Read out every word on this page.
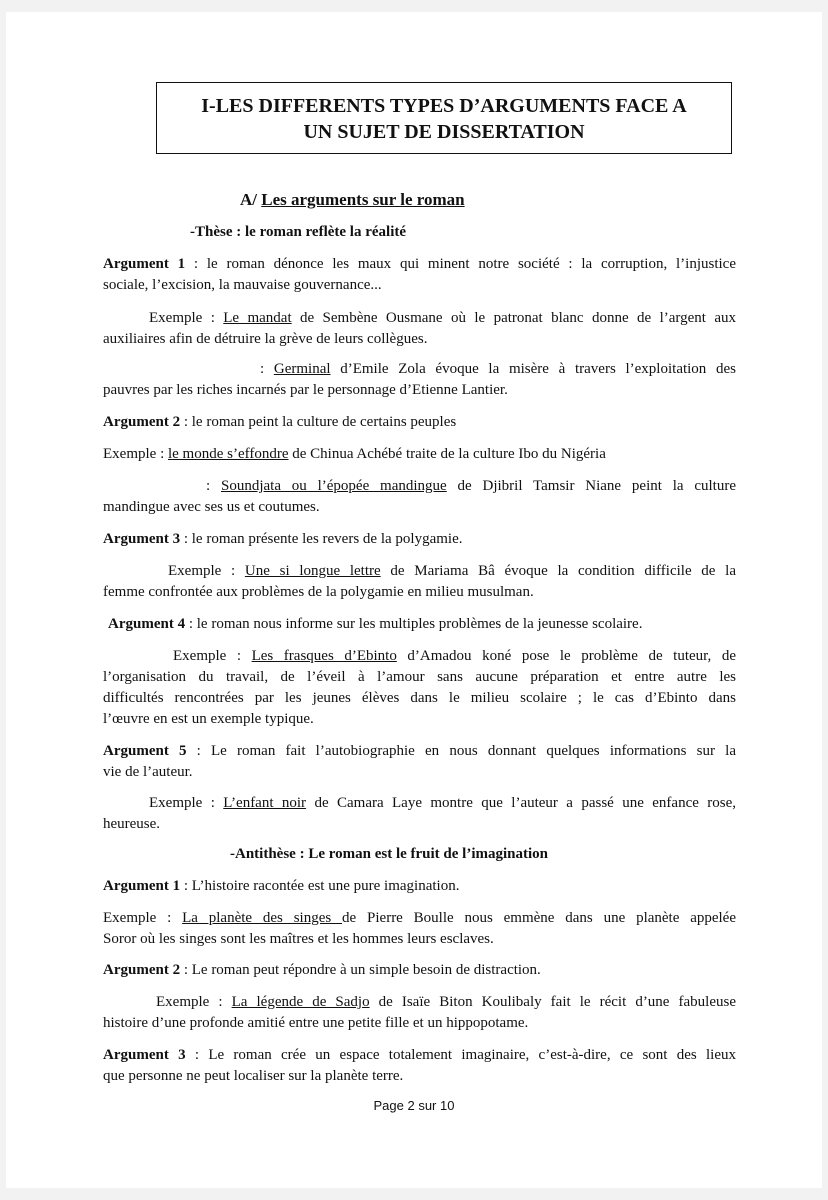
I-LES DIFFERENTS TYPES D’ARGUMENTS FACE A
UN SUJET DE DISSERTATION
A/ Les arguments sur le roman
-Thèse : le roman reflète la réalité
Argument 1 : le roman dénonce les maux qui minent notre société : la corruption, l’injustice
sociale, l’excision, la mauvaise gouvernance...
Exemple : Le mandat de Sembène Ousmane où le patronat blanc donne de l’argent aux
auxiliaires afin de détruire la grève de leurs collègues.
: Germinal d’Emile Zola évoque la misère à travers l’exploitation des
pauvres par les riches incarnés par le personnage d’Etienne Lantier.
Argument 2 : le roman peint la culture de certains peuples
Exemple : le monde s’effondre de Chinua Achébé traite de la culture Ibo du Nigéria
: Soundjata ou l’épopée mandingue de Djibril Tamsir Niane peint la culture
mandingue avec ses us et coutumes.
Argument 3 : le roman présente les revers de la polygamie.
Exemple : Une si longue lettre de Mariama Bâ évoque la condition difficile de la
femme confrontée aux problèmes de la polygamie en milieu musulman.
Argument 4 : le roman nous informe sur les multiples problèmes de la jeunesse scolaire.
Exemple : Les frasques d’Ebinto d’Amadou koné pose le problème de tuteur, de
l’organisation du travail, de l’éveil à l’amour sans aucune préparation et entre autre les
difficultés rencontrées par les jeunes élèves dans le milieu scolaire ; le cas d’Ebinto dans
l’œuvre en est un exemple typique.
Argument 5 : Le roman fait l’autobiographie en nous donnant quelques informations sur la
vie de l’auteur.
Exemple : L’enfant noir de Camara Laye montre que l’auteur a passé une enfance rose,
heureuse.
-Antithèse : Le roman est le fruit de l’imagination
Argument 1 : L’histoire racontée est une pure imagination.
Exemple : La planète des singes de Pierre Boulle nous emmène dans une planète appelée
Soror où les singes sont les maîtres et les hommes leurs esclaves.
Argument 2 : Le roman peut répondre à un simple besoin de distraction.
Exemple : La légende de Sadjo de Isaïe Biton Koulibaly fait le récit d’une fabuleuse
histoire d’une profonde amitié entre une petite fille et un hippopotame.
Argument 3 : Le roman crée un espace totalement imaginaire, c’est-à-dire, ce sont des lieux
que personne ne peut localiser sur la planète terre.
Page 2 sur 10
